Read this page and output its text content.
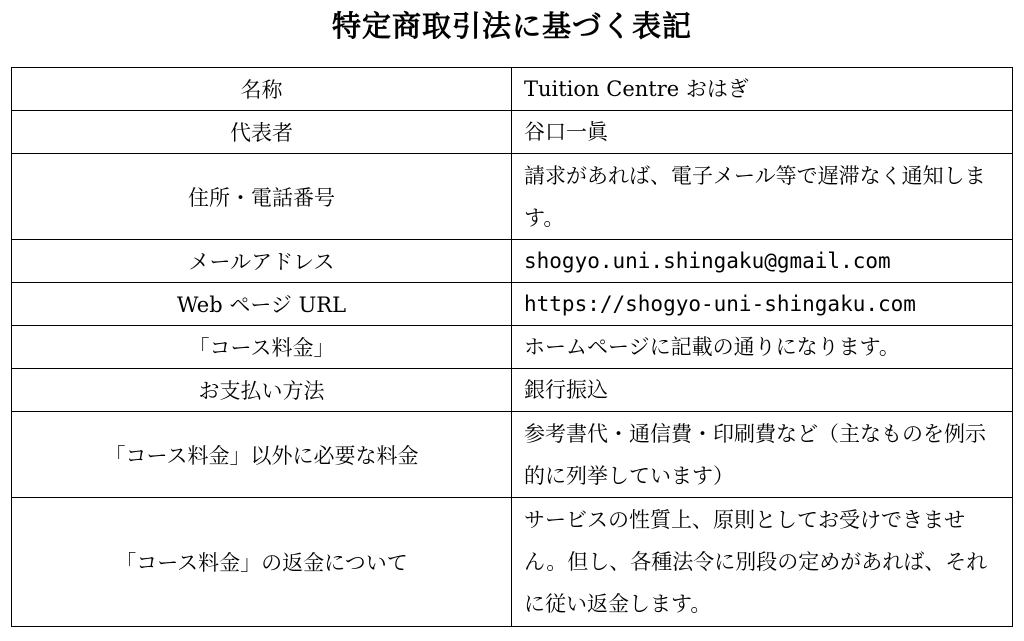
特定商取引法に基づく表記
名称	Tuition Centre おはぎ
代表者	谷口一眞
住所・電話番号	請求があれば、電子メール等で遅滞なく通知します。
メールアドレス	shogyo.uni.shingaku@gmail.com
Web ページ URL	https://shogyo-uni-shingaku.com
「コース料金」	ホームページに記載の通りになります。
お支払い方法	銀行振込
「コース料金」以外に必要な料金	参考書代・通信費・印刷費など（主なものを例示的に列挙しています）
「コース料金」の返金について	サービスの性質上、原則としてお受けできません。但し、各種法令に別段の定めがあれば、それに従い返金します。
